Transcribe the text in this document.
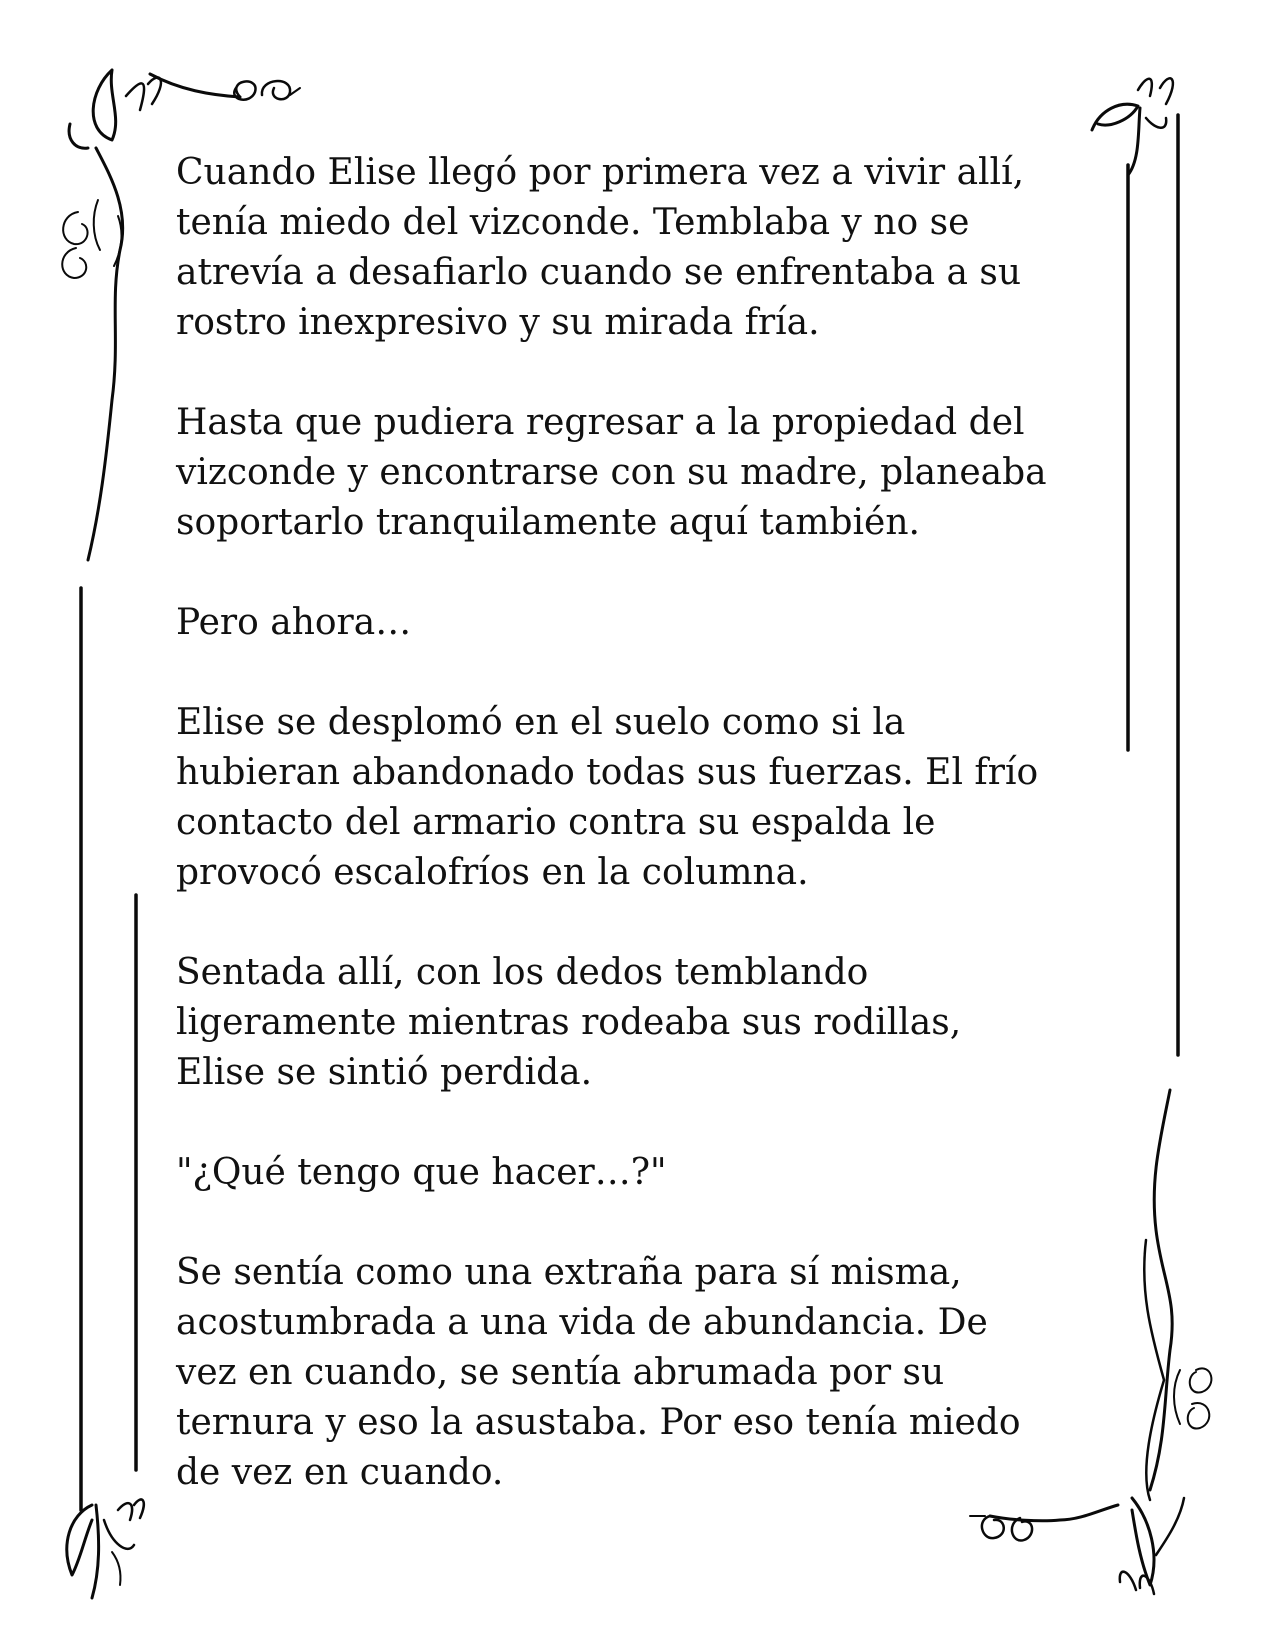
Cuando Elise llegó por primera vez a vivir allí,
tenía miedo del vizconde. Temblaba y no se
atrevía a desafiarlo cuando se enfrentaba a su
rostro inexpresivo y su mirada fría.

Hasta que pudiera regresar a la propiedad del
vizconde y encontrarse con su madre, planeaba
soportarlo tranquilamente aquí también.

Pero ahora…

Elise se desplomó en el suelo como si la
hubieran abandonado todas sus fuerzas. El frío
contacto del armario contra su espalda le
provocó escalofríos en la columna.

Sentada allí, con los dedos temblando
ligeramente mientras rodeaba sus rodillas,
Elise se sintió perdida.

"¿Qué tengo que hacer…?"

Se sentía como una extraña para sí misma,
acostumbrada a una vida de abundancia. De
vez en cuando, se sentía abrumada por su
ternura y eso la asustaba. Por eso tenía miedo
de vez en cuando.
